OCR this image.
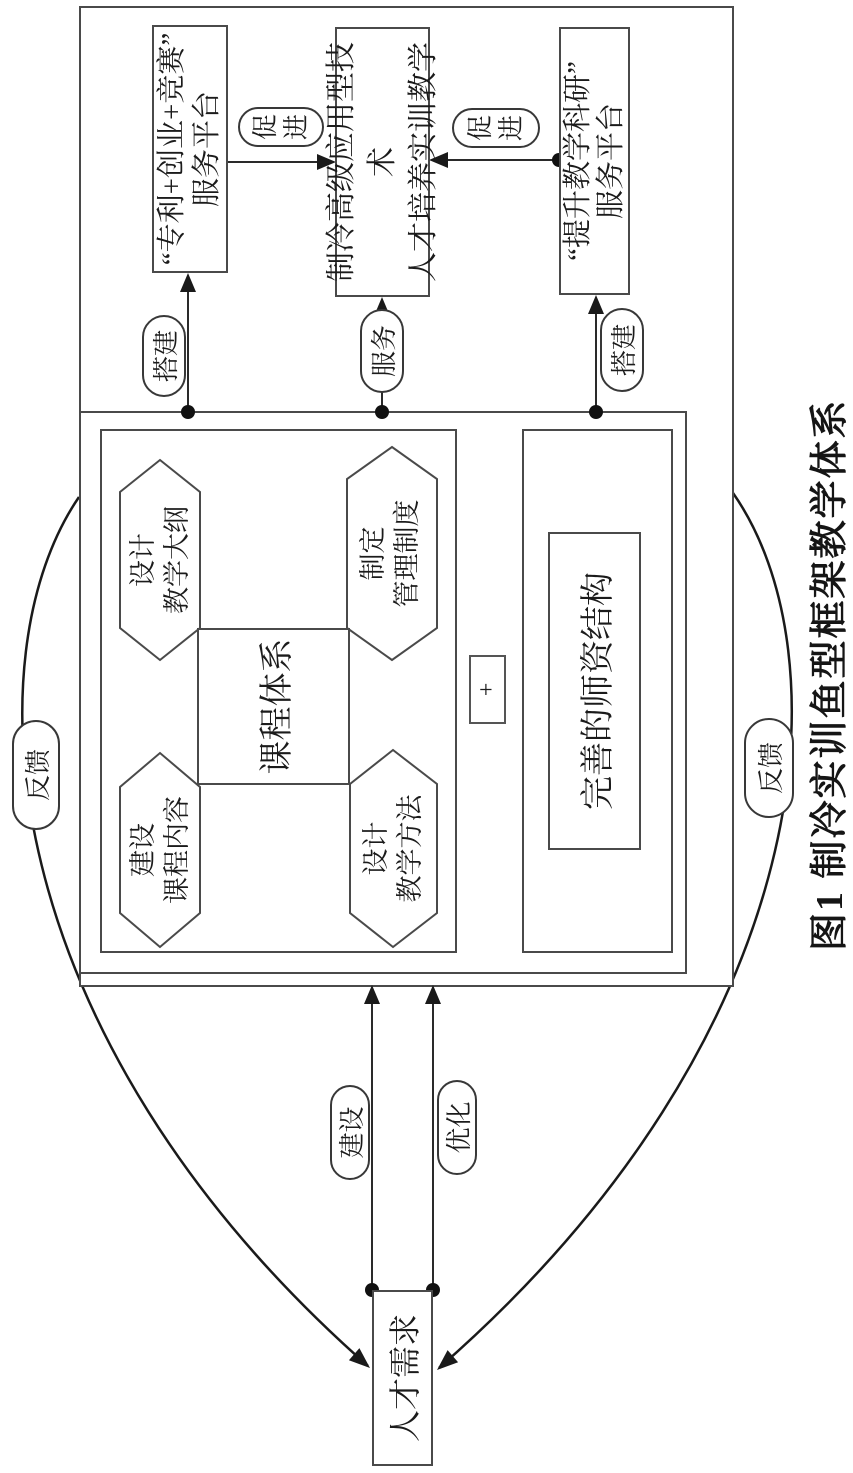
“专利+创业+竞赛” 服务平台	制冷高级应用型技术 人才培养实训教学	“提升教学科研” 服务平台
课程体系
设计 教学大纲
建设 课程内容	设计 教学方法
制定 管理制度
+ 完善的师资结构
人才需求
搭建	服务	搭建
促进	促进
建设	优化
反馈	反馈 图1 制冷实训鱼型框架教学体系
